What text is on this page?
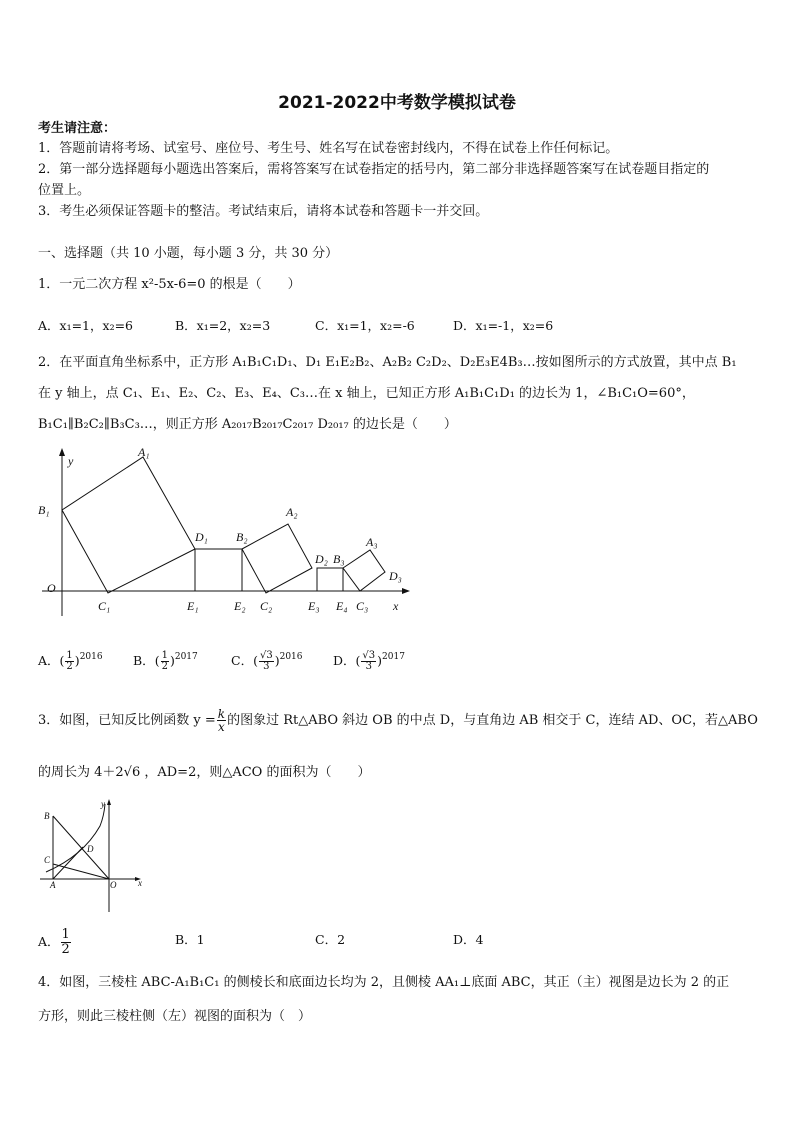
2021-2022中考数学模拟试卷
考生请注意：
1．答题前请将考场、试室号、座位号、考生号、姓名写在试卷密封线内，不得在试卷上作任何标记。
2．第一部分选择题每小题选出答案后，需将答案写在试卷指定的括号内，第二部分非选择题答案写在试卷题目指定的
位置上。
3．考生必须保证答题卡的整洁。考试结束后，请将本试卷和答题卡一并交回。
一、选择题（共 10 小题，每小题 3 分，共 30 分）
1．一元二次方程 x²-5x-6=0 的根是（　　）
A．x₁=1，x₂=6	B．x₁=2，x₂=3	C．x₁=1，x₂=-6	D．x₁=-1，x₂=6
2．在平面直角坐标系中，正方形 A₁B₁C₁D₁、D₁ E₁E₂B₂、A₂B₂ C₂D₂、D₂E₃E4B₃…按如图所示的方式放置，其中点 B₁
在 y 轴上，点 C₁、E₁、E₂、C₂、E₃、E₄、C₃…在 x 轴上，已知正方形 A₁B₁C₁D₁ 的边长为 1，∠B₁C₁O=60°，
B₁C₁∥B₂C₂∥B₃C₃…，则正方形 A₂₀₁₇B₂₀₁₇C₂₀₁₇ D₂₀₁₇ 的边长是（　　）
y
A₁
B₁
D₁ B₂
A₂
D₂ B₃
A₃
D₃
O
C₁	E₁	E₂ C₂	E₃ E₄ C₃ x
A．( $\frac{1}{2} )^{2016}$ B．( $\frac{1}{2} )^{2017}$	C．( $\frac{√3}{3} )^{2016}$ D．( $\frac{√3}{3} )^{2017}$
3．如图，已知反比例函数 $y = \frac{k}{x}$ 的图象过 Rt△ABO 斜边 OB 的中点 D，与直角边 AB 相交于 C，连结 AD、OC，若△ABO
的周长为 4＋2√6 ，AD=2，则△ACO 的面积为（　　）
y
B
D
C
A	O x
A． $\frac{1}{2}$	B．1	C．2	D．4
4．如图，三棱柱 ABC-A₁B₁C₁ 的侧棱长和底面边长均为 2，且侧棱 AA₁⊥底面 ABC，其正（主）视图是边长为 2 的正
方形，则此三棱柱侧（左）视图的面积为（　）
